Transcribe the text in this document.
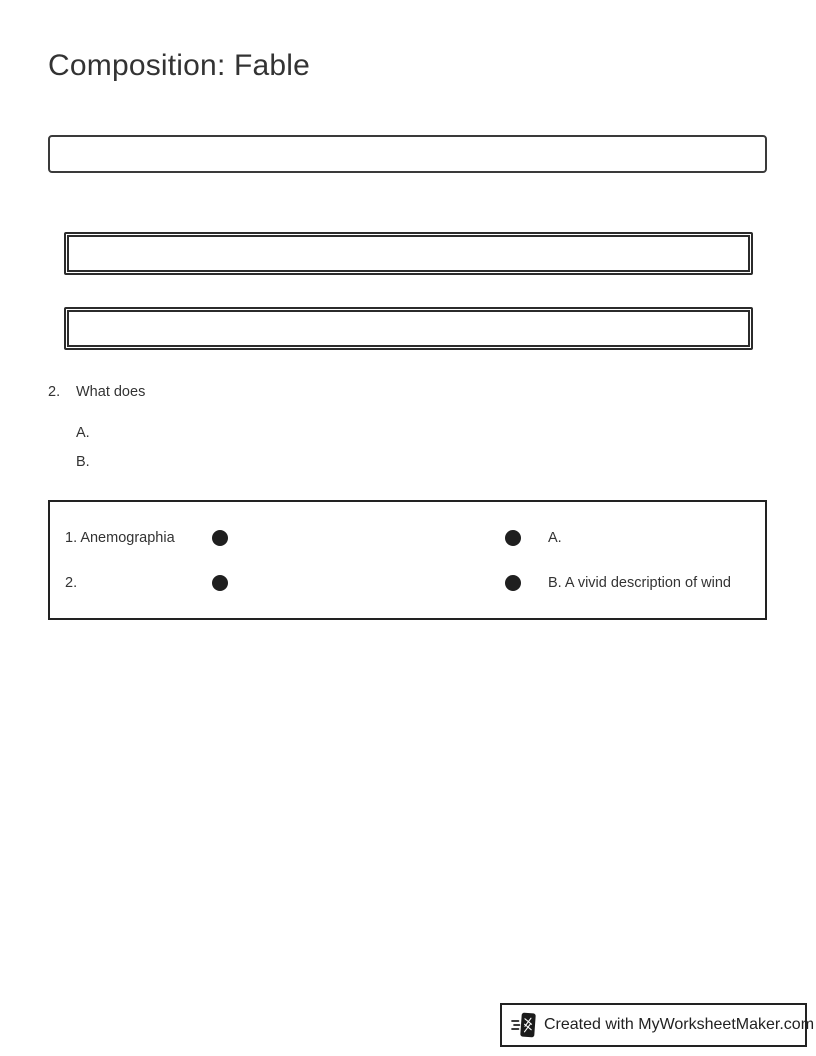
Composition: Fable
2. What does
A.
B.
1. Anemographia	A.
2.	B. A vivid description of wind
Created with MyWorksheetMaker.com
